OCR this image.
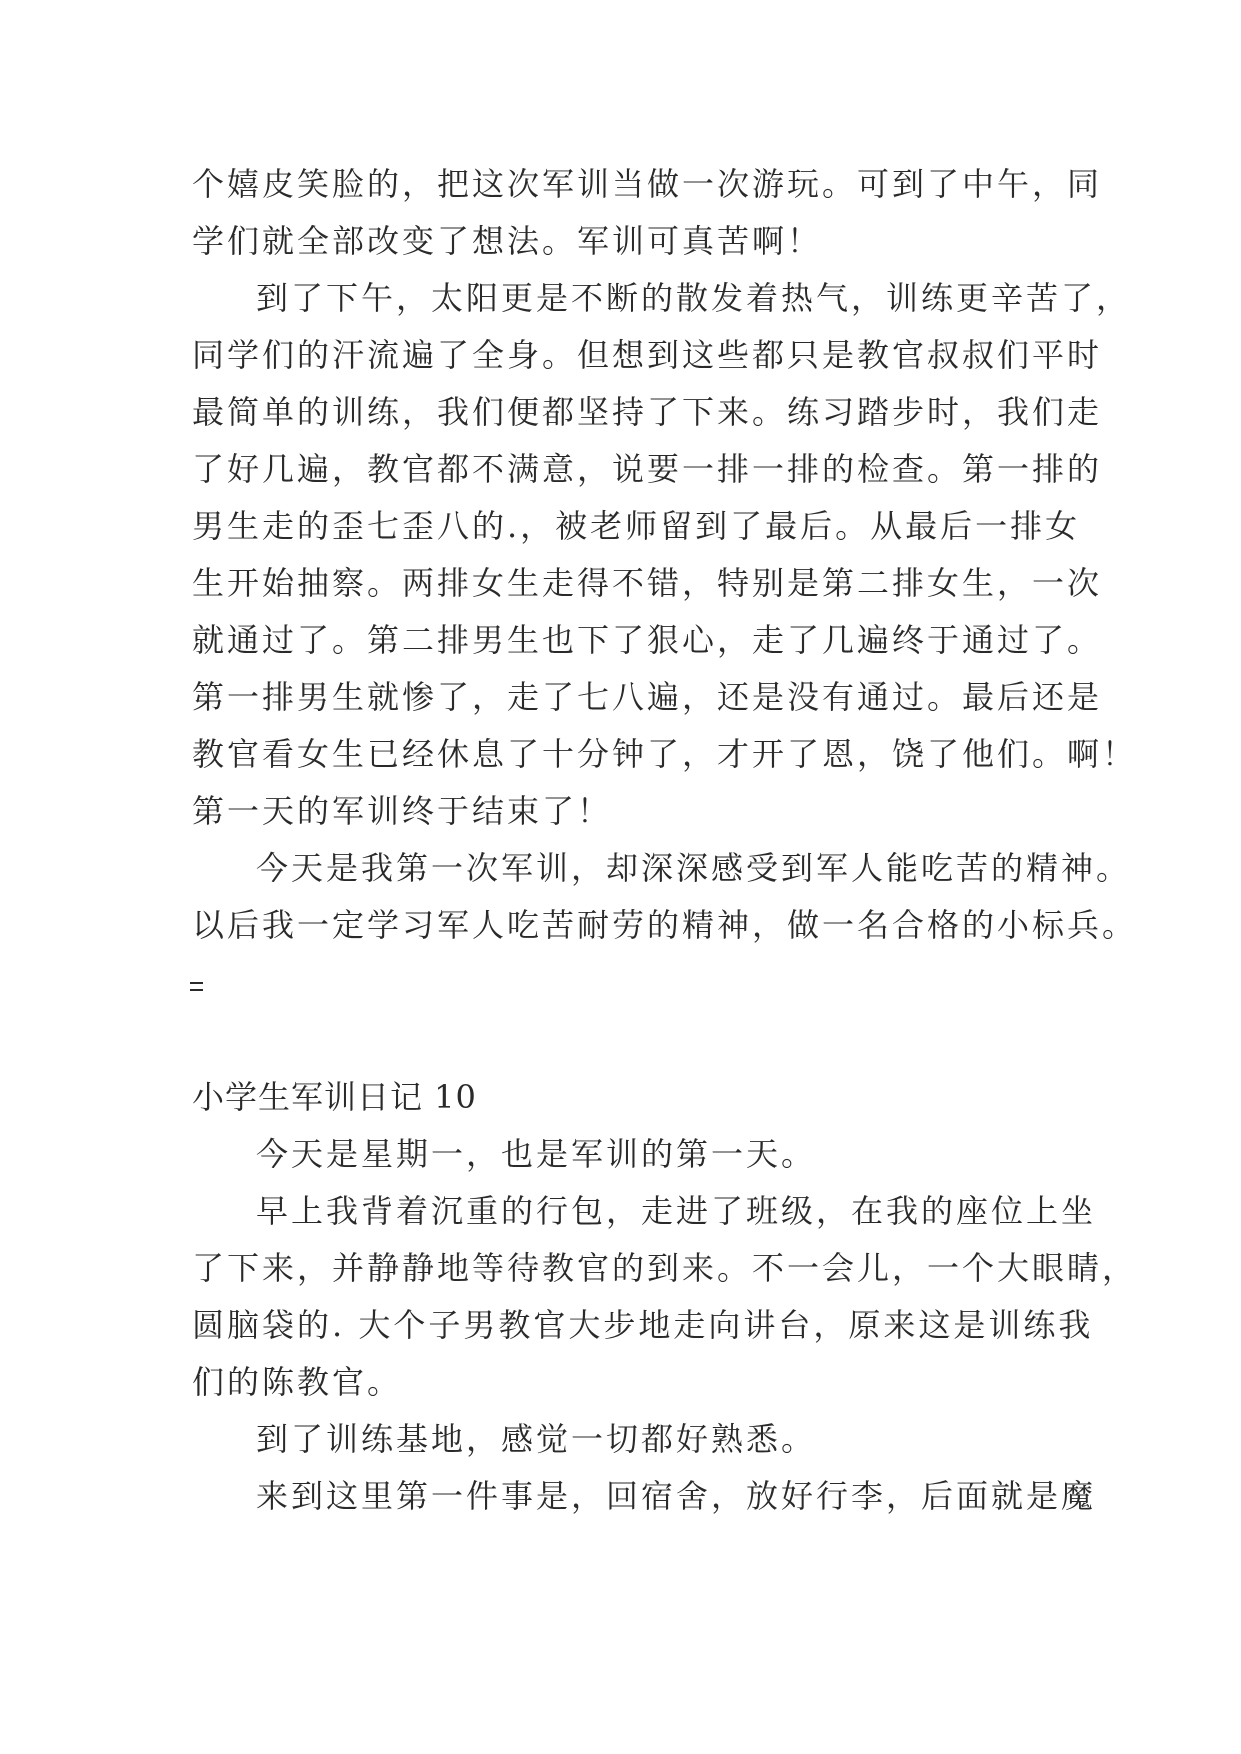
个嬉皮笑脸的，把这次军训当做一次游玩。可到了中午，同
学们就全部改变了想法。军训可真苦啊！
到了下午，太阳更是不断的散发着热气，训练更辛苦了，
同学们的汗流遍了全身。但想到这些都只是教官叔叔们平时
最简单的训练，我们便都坚持了下来。练习踏步时，我们走
了好几遍，教官都不满意，说要一排一排的检查。第一排的
男生走的歪七歪八的.，被老师留到了最后。从最后一排女
生开始抽察。两排女生走得不错，特别是第二排女生，一次
就通过了。第二排男生也下了狠心，走了几遍终于通过了。
第一排男生就惨了，走了七八遍，还是没有通过。最后还是
教官看女生已经休息了十分钟了，才开了恩，饶了他们。啊！
第一天的军训终于结束了！
今天是我第一次军训，却深深感受到军人能吃苦的精神。
以后我一定学习军人吃苦耐劳的精神，做一名合格的小标兵。
小学生军训日记 10
今天是星期一，也是军训的第一天。
早上我背着沉重的行包，走进了班级，在我的座位上坐
了下来，并静静地等待教官的到来。不一会儿，一个大眼睛，
圆脑袋的. 大个子男教官大步地走向讲台，原来这是训练我
们的陈教官。
到了训练基地，感觉一切都好熟悉。
来到这里第一件事是，回宿舍，放好行李，后面就是魔
